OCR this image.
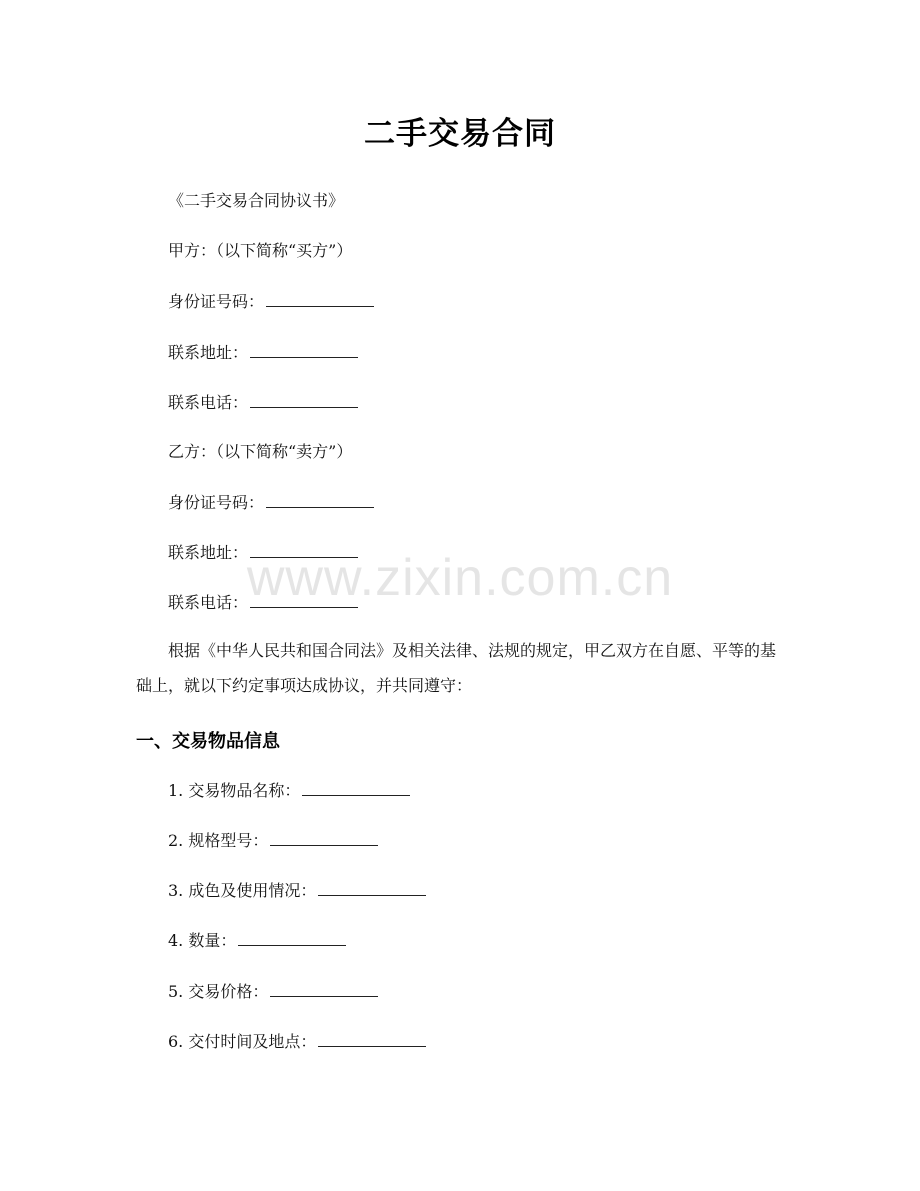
二手交易合同
《二手交易合同协议书》
甲方：（以下简称“买方”）
身份证号码：
联系地址：
联系电话：
乙方：（以下简称“卖方”）
身份证号码：
联系地址：
联系电话：
根据《中华人民共和国合同法》及相关法律、法规的规定，甲乙双方在自愿、平等的基础上，就以下约定事项达成协议，并共同遵守：
一、交易物品信息
1. 交易物品名称：
2. 规格型号：
3. 成色及使用情况：
4. 数量：
5. 交易价格：
6. 交付时间及地点：
www.zixin.com.cn
